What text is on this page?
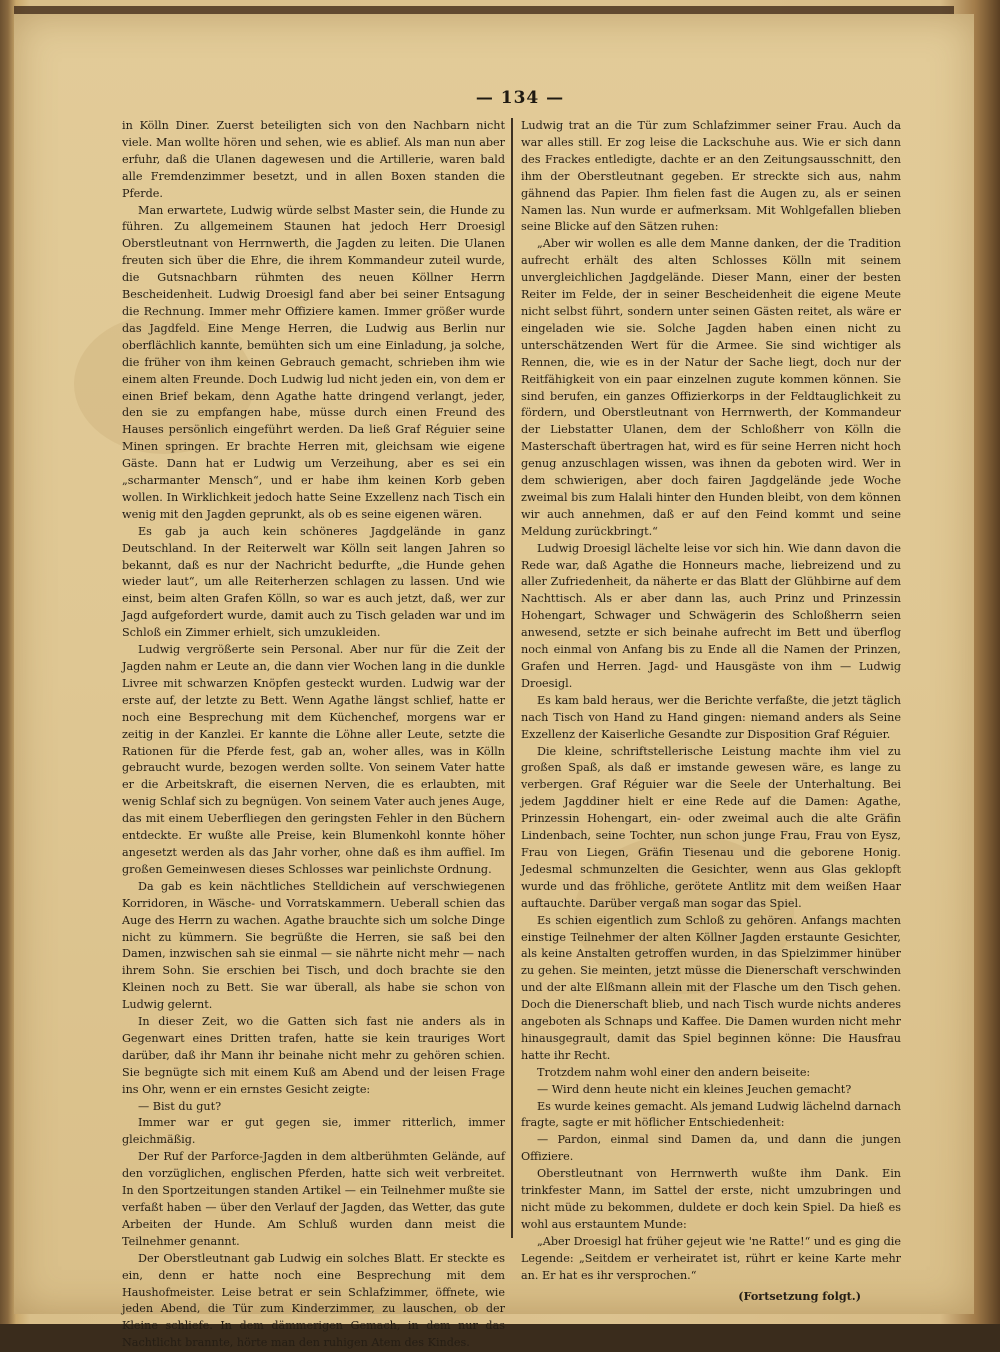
— 134 —

in Kölln Diner. Zuerst beteiligten sich von den Nachbarn nicht viele. Man wollte hören und sehen, wie es ablief. Als man nun aber erfuhr, daß die Ulanen dagewesen und die Artillerie, waren bald alle Fremdenzimmer besetzt, und in allen Boxen standen die Pferde.

Man erwartete, Ludwig würde selbst Master sein, die Hunde zu führen. Zu allgemeinem Staunen hat jedoch Herr Droesigl Oberstleutnant von Herrnwerth, die Jagden zu leiten. Die Ulanen freuten sich über die Ehre, die ihrem Kommandeur zuteil wurde, die Gutsnachbarn rühmten des neuen Köllner Herrn Bescheidenheit. Ludwig Droesigl fand aber bei seiner Entsagung die Rechnung. Immer mehr Offiziere kamen. Immer größer wurde das Jagdfeld. Eine Menge Herren, die Ludwig aus Berlin nur oberflächlich kannte, bemühten sich um eine Einladung, ja solche, die früher von ihm keinen Gebrauch gemacht, schrieben ihm wie einem alten Freunde. Doch Ludwig lud nicht jeden ein, von dem er einen Brief bekam, denn Agathe hatte dringend verlangt, jeder, den sie zu empfangen habe, müsse durch einen Freund des Hauses persönlich eingeführt werden. Da ließ Graf Réguier seine Minen springen. Er brachte Herren mit, gleichsam wie eigene Gäste. Dann hat er Ludwig um Verzeihung, aber es sei ein „scharmanter Mensch“, und er habe ihm keinen Korb geben wollen. In Wirklichkeit jedoch hatte Seine Exzellenz nach Tisch ein wenig mit den Jagden geprunkt, als ob es seine eigenen wären.

Es gab ja auch kein schöneres Jagdgelände in ganz Deutschland. In der Reiterwelt war Kölln seit langen Jahren so bekannt, daß es nur der Nachricht bedurfte, „die Hunde gehen wieder laut“, um alle Reiterherzen schlagen zu lassen. Und wie einst, beim alten Grafen Kölln, so war es auch jetzt, daß, wer zur Jagd aufgefordert wurde, damit auch zu Tisch geladen war und im Schloß ein Zimmer erhielt, sich umzukleiden.

Ludwig vergrößerte sein Personal. Aber nur für die Zeit der Jagden nahm er Leute an, die dann vier Wochen lang in die dunkle Livree mit schwarzen Knöpfen gesteckt wurden. Ludwig war der erste auf, der letzte zu Bett. Wenn Agathe längst schlief, hatte er noch eine Besprechung mit dem Küchenchef, morgens war er zeitig in der Kanzlei. Er kannte die Löhne aller Leute, setzte die Rationen für die Pferde fest, gab an, woher alles, was in Kölln gebraucht wurde, bezogen werden sollte. Von seinem Vater hatte er die Arbeitskraft, die eisernen Nerven, die es erlaubten, mit wenig Schlaf sich zu begnügen. Von seinem Vater auch jenes Auge, das mit einem Ueberfliegen den geringsten Fehler in den Büchern entdeckte. Er wußte alle Preise, kein Blumenkohl konnte höher angesetzt werden als das Jahr vorher, ohne daß es ihm auffiel. Im großen Gemeinwesen dieses Schlosses war peinlichste Ordnung.

Da gab es kein nächtliches Stelldichein auf verschwiegenen Korridoren, in Wäsche- und Vorratskammern. Ueberall schien das Auge des Herrn zu wachen. Agathe brauchte sich um solche Dinge nicht zu kümmern. Sie begrüßte die Herren, sie saß bei den Damen, inzwischen sah sie einmal — sie nährte nicht mehr — nach ihrem Sohn. Sie erschien bei Tisch, und doch brachte sie den Kleinen noch zu Bett. Sie war überall, als habe sie schon von Ludwig gelernt.

In dieser Zeit, wo die Gatten sich fast nie anders als in Gegenwart eines Dritten trafen, hatte sie kein trauriges Wort darüber, daß ihr Mann ihr beinahe nicht mehr zu gehören schien. Sie begnügte sich mit einem Kuß am Abend und der leisen Frage ins Ohr, wenn er ein ernstes Gesicht zeigte:

— Bist du gut?

Immer war er gut gegen sie, immer ritterlich, immer gleichmäßig.

Der Ruf der Parforce-Jagden in dem altberühmten Gelände, auf den vorzüglichen, englischen Pferden, hatte sich weit verbreitet. In den Sportzeitungen standen Artikel — ein Teilnehmer mußte sie verfaßt haben — über den Verlauf der Jagden, das Wetter, das gute Arbeiten der Hunde. Am Schluß wurden dann meist die Teilnehmer genannt.

Der Oberstleutnant gab Ludwig ein solches Blatt. Er steckte es ein, denn er hatte noch eine Besprechung mit dem Haushofmeister. Leise betrat er sein Schlafzimmer, öffnete, wie jeden Abend, die Tür zum Kinderzimmer, zu lauschen, ob der Kleine schliefe. In dem dämmerigen Gemach, in dem nur das Nachtlicht brannte, hörte man den ruhigen Atem des Kindes.

Ludwig trat an die Tür zum Schlafzimmer seiner Frau. Auch da war alles still. Er zog leise die Lackschuhe aus. Wie er sich dann des Frackes entledigte, dachte er an den Zeitungsausschnitt, den ihm der Oberstleutnant gegeben. Er streckte sich aus, nahm gähnend das Papier. Ihm fielen fast die Augen zu, als er seinen Namen las. Nun wurde er aufmerksam. Mit Wohlgefallen blieben seine Blicke auf den Sätzen ruhen:

„Aber wir wollen es alle dem Manne danken, der die Tradition aufrecht erhält des alten Schlosses Kölln mit seinem unvergleichlichen Jagdgelände. Dieser Mann, einer der besten Reiter im Felde, der in seiner Bescheidenheit die eigene Meute nicht selbst führt, sondern unter seinen Gästen reitet, als wäre er eingeladen wie sie. Solche Jagden haben einen nicht zu unterschätzenden Wert für die Armee. Sie sind wichtiger als Rennen, die, wie es in der Natur der Sache liegt, doch nur der Reitfähigkeit von ein paar einzelnen zugute kommen können. Sie sind berufen, ein ganzes Offizierkorps in der Feldtauglichkeit zu fördern, und Oberstleutnant von Herrnwerth, der Kommandeur der Liebstatter Ulanen, dem der Schloßherr von Kölln die Masterschaft übertragen hat, wird es für seine Herren nicht hoch genug anzuschlagen wissen, was ihnen da geboten wird. Wer in dem schwierigen, aber doch fairen Jagdgelände jede Woche zweimal bis zum Halali hinter den Hunden bleibt, von dem können wir auch annehmen, daß er auf den Feind kommt und seine Meldung zurückbringt.“

Ludwig Droesigl lächelte leise vor sich hin. Wie dann davon die Rede war, daß Agathe die Honneurs mache, liebreizend und zu aller Zufriedenheit, da näherte er das Blatt der Glühbirne auf dem Nachttisch. Als er aber dann las, auch Prinz und Prinzessin Hohengart, Schwager und Schwägerin des Schloßherrn seien anwesend, setzte er sich beinahe aufrecht im Bett und überflog noch einmal von Anfang bis zu Ende all die Namen der Prinzen, Grafen und Herren. Jagd- und Hausgäste von ihm — Ludwig Droesigl.

Es kam bald heraus, wer die Berichte verfaßte, die jetzt täglich nach Tisch von Hand zu Hand gingen: niemand anders als Seine Exzellenz der Kaiserliche Gesandte zur Disposition Graf Réguier.

Die kleine, schriftstellerische Leistung machte ihm viel zu großen Spaß, als daß er imstande gewesen wäre, es lange zu verbergen. Graf Réguier war die Seele der Unterhaltung. Bei jedem Jagddiner hielt er eine Rede auf die Damen: Agathe, Prinzessin Hohengart, ein- oder zweimal auch die alte Gräfin Lindenbach, seine Tochter, nun schon junge Frau, Frau von Eysz, Frau von Liegen, Gräfin Tiesenau und die geborene Honig. Jedesmal schmunzelten die Gesichter, wenn aus Glas geklopft wurde und das fröhliche, gerötete Antlitz mit dem weißen Haar auftauchte. Darüber vergaß man sogar das Spiel.

Es schien eigentlich zum Schloß zu gehören. Anfangs machten einstige Teilnehmer der alten Köllner Jagden erstaunte Gesichter, als keine Anstalten getroffen wurden, in das Spielzimmer hinüber zu gehen. Sie meinten, jetzt müsse die Dienerschaft verschwinden und der alte Elßmann allein mit der Flasche um den Tisch gehen. Doch die Dienerschaft blieb, und nach Tisch wurde nichts anderes angeboten als Schnaps und Kaffee. Die Damen wurden nicht mehr hinausgegrault, damit das Spiel beginnen könne: Die Hausfrau hatte ihr Recht.

Trotzdem nahm wohl einer den andern beiseite:

— Wird denn heute nicht ein kleines Jeuchen gemacht?

Es wurde keines gemacht. Als jemand Ludwig lächelnd darnach fragte, sagte er mit höflicher Entschiedenheit:

— Pardon, einmal sind Damen da, und dann die jungen Offiziere.

Oberstleutnant von Herrnwerth wußte ihm Dank. Ein trinkfester Mann, im Sattel der erste, nicht umzubringen und nicht müde zu bekommen, duldete er doch kein Spiel. Da hieß es wohl aus erstauntem Munde:

„Aber Droesigl hat früher gejeut wie 'ne Ratte!“ und es ging die Legende: „Seitdem er verheiratet ist, rührt er keine Karte mehr an. Er hat es ihr versprochen.“

(Fortsetzung folgt.)
